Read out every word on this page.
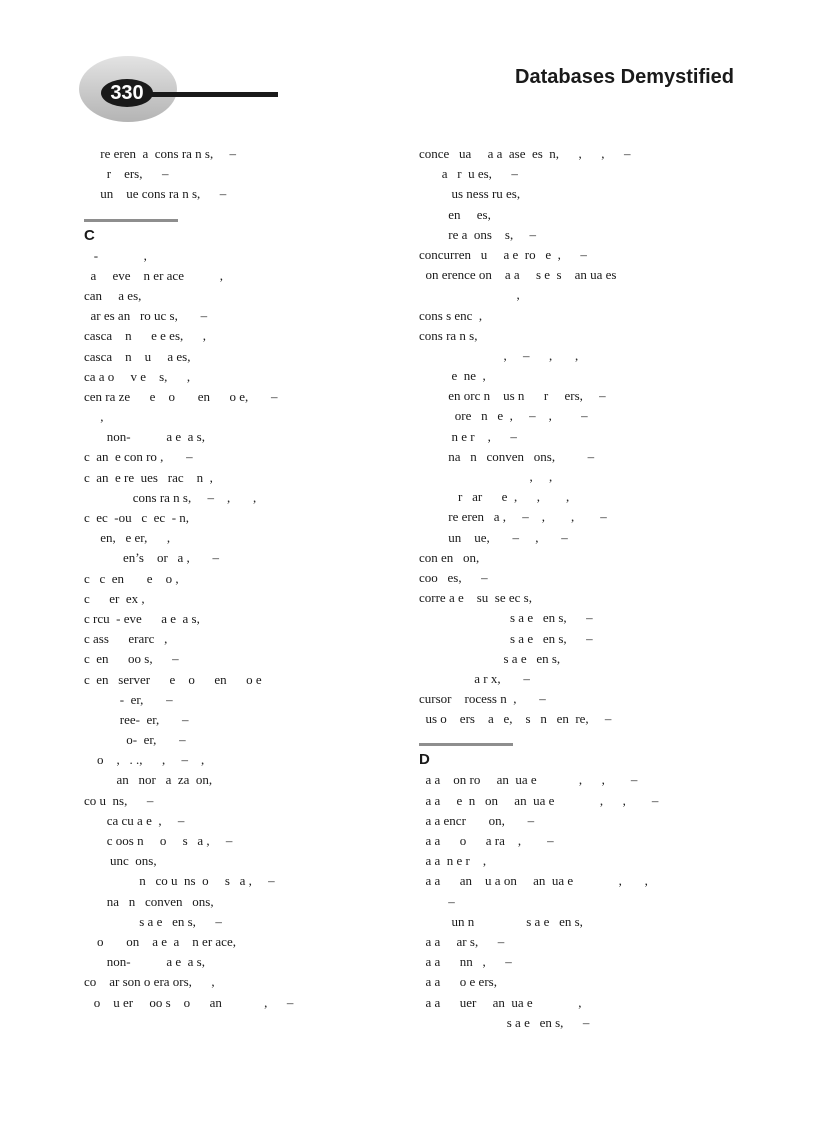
330
Databases Demystified
re eren  a  cons ra n s,     –
r    ers,      –
un    ue cons ra n s,      –
C
-              ,
a     eve    n er ace           ,
can     a es,
ar es an   ro uc s,       –
casca    n      e e es,      ,
casca    n    u     a es,
ca a o     v e    s,      ,
cen ra ze      e    o       en      o e,       –
,
non-           a e  a s,
c  an  e con ro ,       –
c  an  e re  ues   rac    n  ,
cons ra n s,     –    ,       ,
c  ec  -ou   c  ec  - n,
en,   e er,      ,
en’s    or   a ,       –
c   c  en       e    o ,
c      er  ex ,
c rcu  - eve      a e  a s,
c ass      erarc   ,
c  en      oo s,      –
c  en   server      e    o      en      o e
-  er,       –
ree-  er,       –
o-  er,       –
o    ,   . .,      ,     –    ,
an   nor   a  za  on,
co u  ns,      –
ca cu a e  ,     –
c oos n     o     s   a ,     –
unc  ons,
n   co u  ns  o     s   a ,     –
na   n   conven   ons,
s a e   en s,      –
o       on    a e  a    n er ace,
non-           a e  a s,
co    ar son o era ors,      ,
o    u er     oo s    o      an             ,      –
conce   ua     a a  ase  es  n,      ,      ,      –
a   r  u es,      –
us ness ru es,
en     es,
re a  ons    s,     –
concurren   u     a e  ro   e  ,      –
on erence on    a a     s e  s    an ua es
,
cons s enc  ,
cons ra n s,
,     –      ,       ,
e  ne  ,
en orc n    us n      r     ers,     –
ore   n   e  ,     –    ,         –
n e r    ,      –
na   n   conven   ons,          –
,     ,
r   ar      e  ,      ,        ,
re eren   a ,     –    ,        ,        –
un    ue,       –     ,       –
con en   on,
coo   es,      –
corre a e    su  se ec s,
s a e   en s,      –
s a e   en s,      –
s a e   en s,
a r x,       –
cursor    rocess n  ,       –
us o    ers    a   e,    s   n   en  re,     –
D
a a    on ro     an  ua e             ,      ,        –
a a     e  n   on     an  ua e              ,      ,        –
a a encr       on,       –
a a      o      a ra    ,        –
a a  n e r    ,
a a      an    u a on     an  ua e              ,       ,
–
un n                s a e   en s,
a a     ar s,      –
a a      nn   ,      –
a a      o e ers,
a a      uer     an  ua e              ,
s a e   en s,      –
